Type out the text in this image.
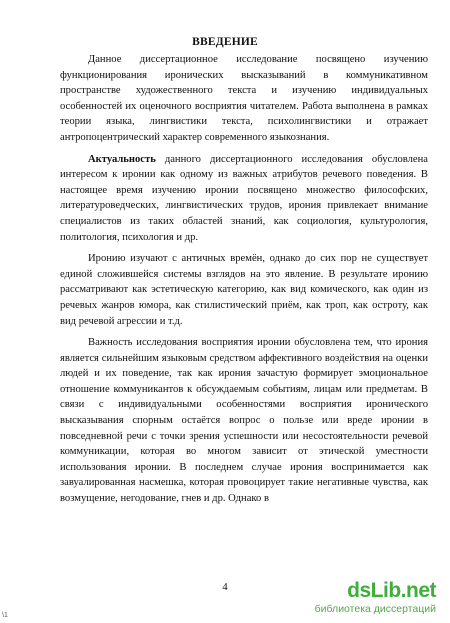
ВВЕДЕНИЕ

Данное диссертационное исследование посвящено изучению функционирования иронических высказываний в коммуникативном пространстве художественного текста и изучению индивидуальных особенностей их оценочного восприятия читателем. Работа выполнена в рамках теории языка, лингвистики текста, психолингвистики и отражает антропоцентрический характер современного языкознания.

Актуальность данного диссертационного исследования обусловлена интересом к иронии как одному из важных атрибутов речевого поведения. В настоящее время изучению иронии посвящено множество философских, литературоведческих, лингвистических трудов, ирония привлекает внимание специалистов из таких областей знаний, как социология, культурология, политология, психология и др.

Иронию изучают с античных времён, однако до сих пор не существует единой сложившейся системы взглядов на это явление. В результате иронию рассматривают как эстетическую категорию, как вид комического, как один из речевых жанров юмора, как стилистический приём, как троп, как остроту, как вид речевой агрессии и т.д.

Важность исследования восприятия иронии обусловлена тем, что ирония является сильнейшим языковым средством аффективного воздействия на оценки людей и их поведение, так как ирония зачастую формирует эмоциональное отношение коммуникантов к обсуждаемым событиям, лицам или предметам. В связи с индивидуальными особенностями восприятия иронического высказывания спорным остаётся вопрос о пользе или вреде иронии в повседневной речи с точки зрения успешности или несостоятельности речевой коммуникации, которая во многом зависит от этической уместности использования иронии. В последнем случае ирония воспринимается как завуалированная насмешка, которая провоцирует такие негативные чувства, как возмущение, негодование, гнев и др. Однако в

4	dsLib.net
библиотека диссертаций
\1
